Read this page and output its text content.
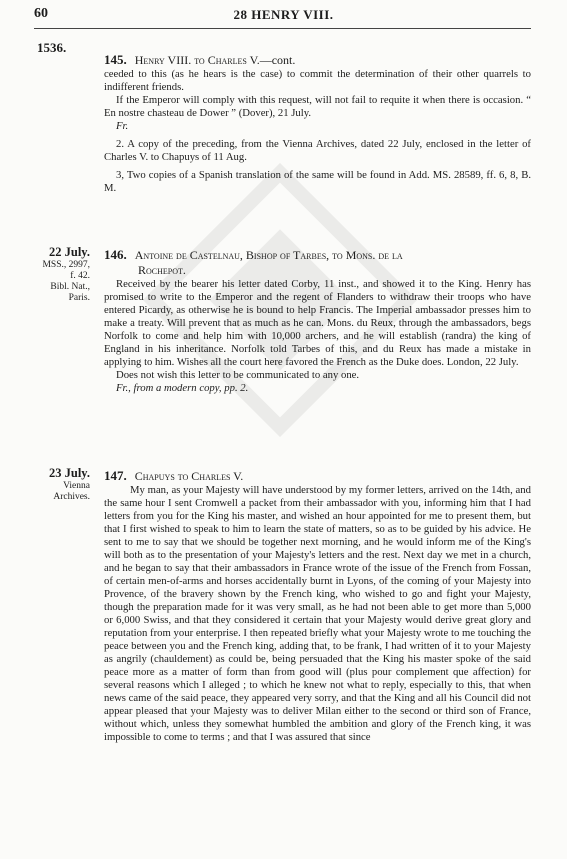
60	28 HENRY VIII.
1536.

145. Henry VIII. to Charles V.—cont.

ceeded to this (as he hears is the case) to commit the determination of their other quarrels to indifferent friends.

If the Emperor will comply with this request, will not fail to requite it when there is occasion. “ En nostre chasteau de Dower ” (Dover), 21 July.

Fr.

2. A copy of the preceding, from the Vienna Archives, dated 22 July, enclosed in the letter of Charles V. to Chapuys of 11 Aug.

3, Two copies of a Spanish translation of the same will be found in Add. MS. 28589, ff. 6, 8, B. M.

22 July.
MSS., 2997,
f. 42.
Bibl. Nat.,
Paris.

146. Antoine de Castelnau, Bishop of Tarbes, to Mons. de la

Rochepot.

Received by the bearer his letter dated Corby, 11 inst., and showed it to the King. Henry has promised to write to the Emperor and the regent of Flanders to withdraw their troops who have entered Picardy, as otherwise he is bound to help Francis. The Imperial ambassador presses him to make a treaty. Will prevent that as much as he can. Mons. du Reux, through the ambassadors, begs Norfolk to come and help him with 10,000 archers, and he will establish (randra) the king of England in his inheritance. Norfolk told Tarbes of this, and du Reux has made a mistake in applying to him. Wishes all the court here favored the French as the Duke does. London, 22 July.

Does not wish this letter to be communicated to any one.

Fr., from a modern copy, pp. 2.

23 July.
Vienna
Archives.

147. Chapuys to Charles V.

My man, as your Majesty will have understood by my former letters, arrived on the 14th, and the same hour I sent Cromwell a packet from their ambassador with you, informing him that I had letters from you for the King his master, and wished an hour appointed for me to present them, but that I first wished to speak to him to learn the state of matters, so as to be guided by his advice. He sent to me to say that we should be together next morning, and he would inform me of the King's will both as to the presentation of your Majesty's letters and the rest. Next day we met in a church, and he began to say that their ambassadors in France wrote of the issue of the French from Fossan, of certain men-of-arms and horses accidentally burnt in Lyons, of the coming of your Majesty into Provence, of the bravery shown by the French king, who wished to go and fight your Majesty, though the preparation made for it was very small, as he had not been able to get more than 5,000 or 6,000 Swiss, and that they considered it certain that your Majesty would derive great glory and reputation from your enterprise. I then repeated briefly what your Majesty wrote to me touching the peace between you and the French king, adding that, to be frank, I had written of it to your Majesty as angrily (chauldement) as could be, being persuaded that the King his master spoke of the said peace more as a matter of form than from good will (plus pour complement que affection) for several reasons which I alleged ; to which he knew not what to reply, especially to this, that when news came of the said peace, they appeared very sorry, and that the King and all his Council did not appear pleased that your Majesty was to deliver Milan either to the second or third son of France, without which, unless they somewhat humbled the ambition and glory of the French king, it was impossible to come to terms ; and that I was assured that since
